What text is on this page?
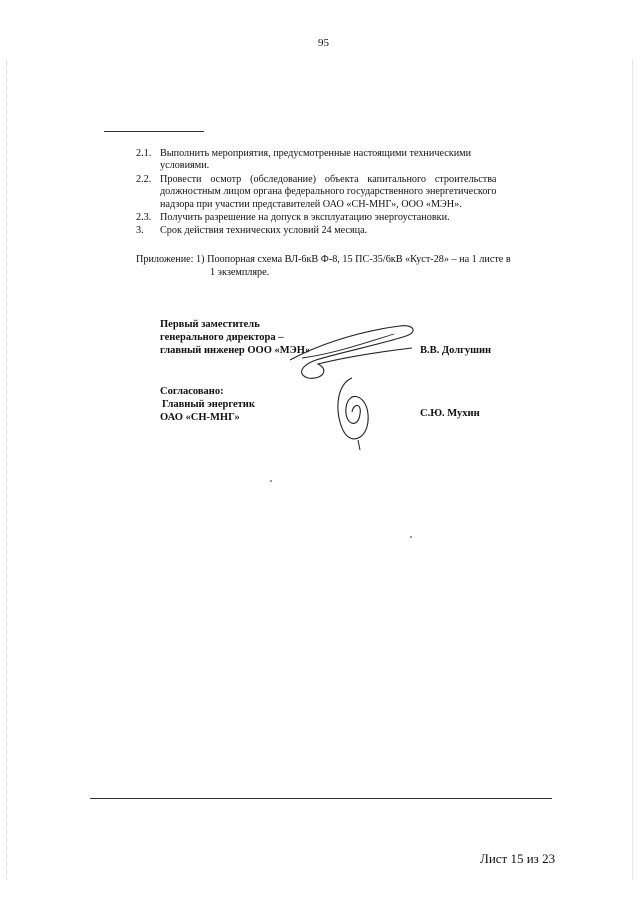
95
2.1. Выполнить мероприятия, предусмотренные настоящими техническими
условиями.
2.2. Провести осмотр (обследование) объекта капитального строительства
должностным лицом органа федерального государственного энергетического
надзора при участии представителей ОАО «СН-МНГ», ООО «МЭН».
2.3. Получить разрешение на допуск в эксплуатацию энергоустановки.
3.	Срок действия технических условий 24 месяца.
Приложение: 1) Поопорная схема ВЛ-6кВ Ф-8, 15 ПС-35/6кВ «Куст-28» – на 1 листе в
1 экземпляре.
Первый заместитель
генерального директора –
главный инженер ООО «МЭН»	В.В. Долгушин
Согласовано:
Главный энергетик
ОАО «СН-МНГ»	С.Ю. Мухин
Лист 15 из 23
